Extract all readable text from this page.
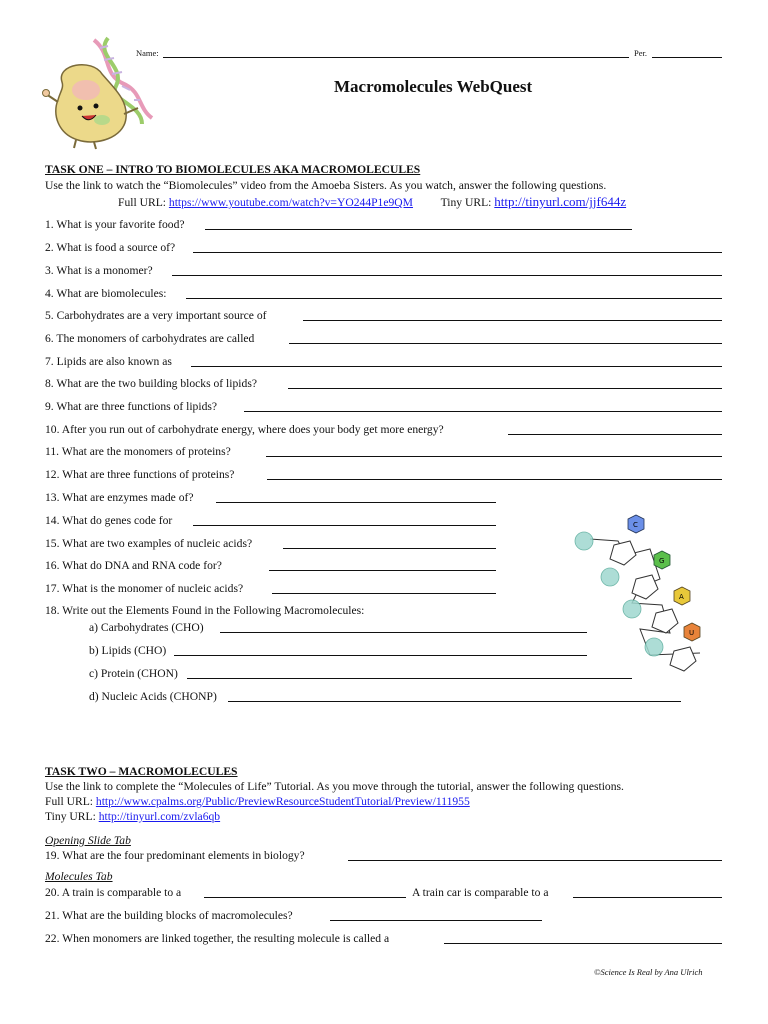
Name:	Per.
Macromolecules WebQuest
TASK ONE – INTRO TO BIOMOLECULES AKA MACROMOLECULES
Use the link to watch the “Biomolecules” video from the Amoeba Sisters. As you watch, answer the following questions.
Full URL: https://www.youtube.com/watch?v=YO244P1e9QM Tiny URL: http://tinyurl.com/jjf644z
1. What is your favorite food?
2. What is food a source of?
3. What is a monomer?
4. What are biomolecules:
5. Carbohydrates are a very important source of
6. The monomers of carbohydrates are called
7. Lipids are also known as
8. What are the two building blocks of lipids?
9. What are three functions of lipids?
10. After you run out of carbohydrate energy, where does your body get more energy?
11. What are the monomers of proteins?
12. What are three functions of proteins?
13. What are enzymes made of?
14. What do genes code for
15. What are two examples of nucleic acids?
16. What do DNA and RNA code for?
17. What is the monomer of nucleic acids?
18. Write out the Elements Found in the Following Macromolecules:
a) Carbohydrates (CHO)
b) Lipids (CHO)
c) Protein (CHON)
d) Nucleic Acids (CHONP)
C
G
A
U
TASK TWO – MACROMOLECULES
Use the link to complete the “Molecules of Life” Tutorial. As you move through the tutorial, answer the following questions.
Full URL: http://www.cpalms.org/Public/PreviewResourceStudentTutorial/Preview/111955
Tiny URL: http://tinyurl.com/zvla6qb
Opening Slide Tab
19. What are the four predominant elements in biology?
Molecules Tab
20. A train is comparable to a	A train car is comparable to a
21. What are the building blocks of macromolecules?
22. When monomers are linked together, the resulting molecule is called a
©Science Is Real by Ana Ulrich
